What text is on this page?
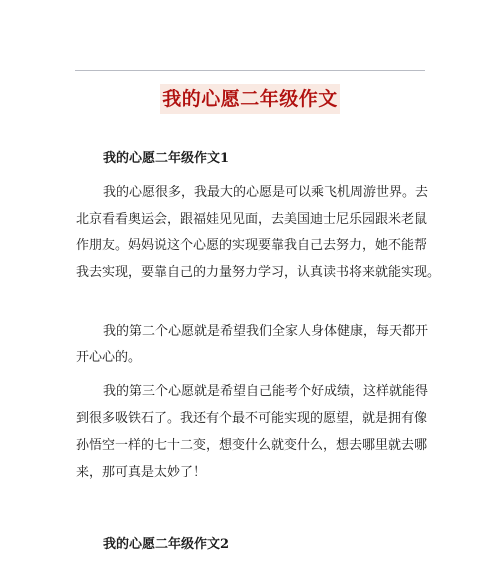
我的心愿二年级作文
我的心愿二年级作文1
我的心愿很多，我最大的心愿是可以乘飞机周游世界。去
北京看看奥运会，跟福娃见见面，去美国迪士尼乐园跟米老鼠
作朋友。妈妈说这个心愿的实现要靠我自己去努力，她不能帮
我去实现，要靠自己的力量努力学习，认真读书将来就能实现。
我的第二个心愿就是希望我们全家人身体健康，每天都开
开心心的。
我的第三个心愿就是希望自己能考个好成绩，这样就能得
到很多吸铁石了。我还有个最不可能实现的愿望，就是拥有像
孙悟空一样的七十二变，想变什么就变什么，想去哪里就去哪
来，那可真是太妙了！
我的心愿二年级作文2
